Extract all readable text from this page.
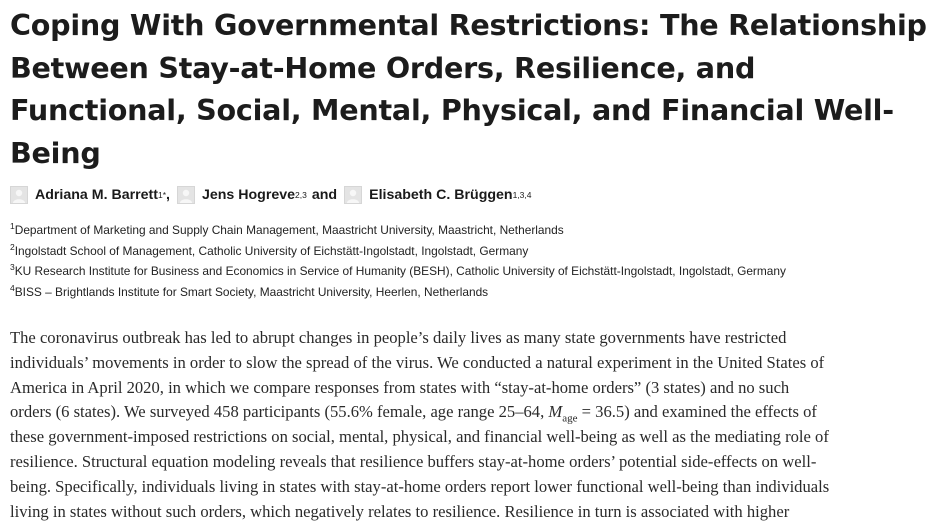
Coping With Governmental Restrictions: The Relationship
Between Stay-at-Home Orders, Resilience, and
Functional, Social, Mental, Physical, and Financial Well-
Being
Adriana M. Barrett 1* , Jens Hogreve 2,3 and Elisabeth C. Brüggen 1,3,4
$^1$Department of Marketing and Supply Chain Management, Maastricht University, Maastricht, Netherlands
$^2$Ingolstadt School of Management, Catholic University of Eichstätt-Ingolstadt, Ingolstadt, Germany
$^3$KU Research Institute for Business and Economics in Service of Humanity (BESH), Catholic University of Eichstätt-Ingolstadt, Ingolstadt, Germany
$^4$BISS – Brightlands Institute for Smart Society, Maastricht University, Heerlen, Netherlands
The coronavirus outbreak has led to abrupt changes in people’s daily lives as many state governments have restricted
individuals’ movements in order to slow the spread of the virus. We conducted a natural experiment in the United States of
America in April 2020, in which we compare responses from states with “stay-at-home orders” (3 states) and no such
orders (6 states). We surveyed 458 participants (55.6% female, age range 25–64, $M_{age} = 36.5$) and examined the effects of
these government-imposed restrictions on social, mental, physical, and financial well-being as well as the mediating role of
resilience. Structural equation modeling reveals that resilience buffers stay-at-home orders’ potential side-effects on well-
being. Specifically, individuals living in states with stay-at-home orders report lower functional well-being than individuals
living in states without such orders, which negatively relates to resilience. Resilience in turn is associated with higher
